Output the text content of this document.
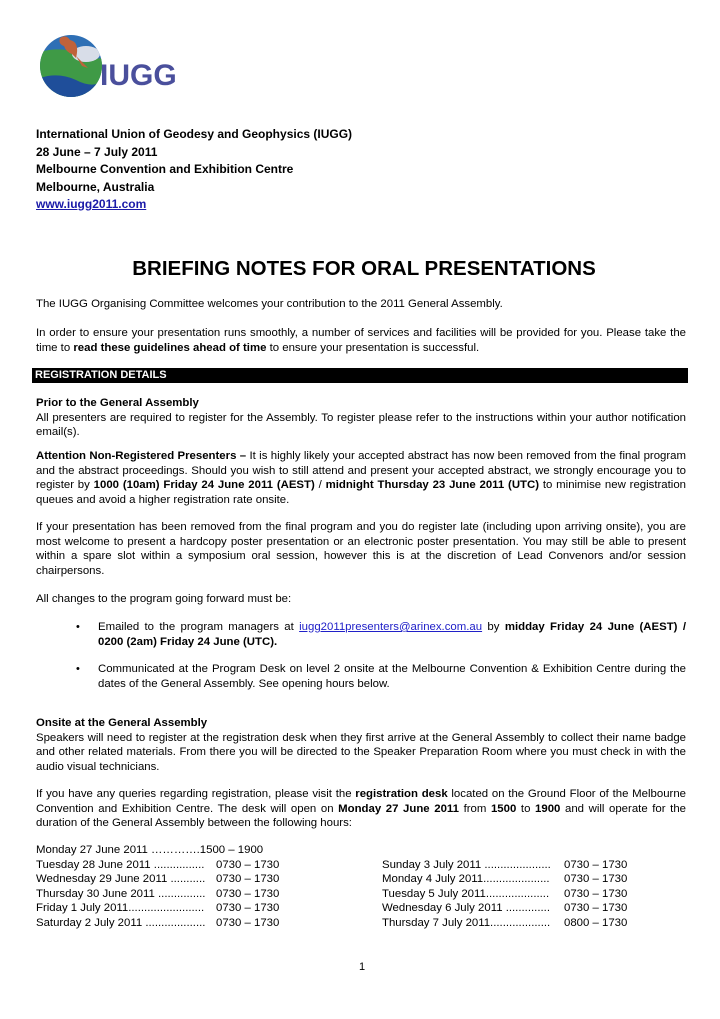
IUGG
International Union of Geodesy and Geophysics (IUGG)
28 June – 7 July 2011
Melbourne Convention and Exhibition Centre
Melbourne, Australia
www.iugg2011.com
BRIEFING NOTES FOR ORAL PRESENTATIONS
The IUGG Organising Committee welcomes your contribution to the 2011 General Assembly.
In order to ensure your presentation runs smoothly, a number of services and facilities will be provided for you. Please take the time to read these guidelines ahead of time to ensure your presentation is successful.
REGISTRATION DETAILS
Prior to the General Assembly
All presenters are required to register for the Assembly. To register please refer to the instructions within your author notification email(s).
Attention Non-Registered Presenters – It is highly likely your accepted abstract has now been removed from the final program and the abstract proceedings. Should you wish to still attend and present your accepted abstract, we strongly encourage you to register by 1000 (10am) Friday 24 June 2011 (AEST) / midnight Thursday 23 June 2011 (UTC) to minimise new registration queues and avoid a higher registration rate onsite.
If your presentation has been removed from the final program and you do register late (including upon arriving onsite), you are most welcome to present a hardcopy poster presentation or an electronic poster presentation. You may still be able to present within a spare slot within a symposium oral session, however this is at the discretion of Lead Convenors and/or session chairpersons.
All changes to the program going forward must be:
• Emailed to the program managers at iugg2011presenters@arinex.com.au by midday Friday 24 June (AEST) / 0200 (2am) Friday 24 June (UTC).
• Communicated at the Program Desk on level 2 onsite at the Melbourne Convention & Exhibition Centre during the dates of the General Assembly. See opening hours below.
Onsite at the General Assembly
Speakers will need to register at the registration desk when they first arrive at the General Assembly to collect their name badge and other related materials. From there you will be directed to the Speaker Preparation Room where you must check in with the audio visual technicians.
If you have any queries regarding registration, please visit the registration desk located on the Ground Floor of the Melbourne Convention and Exhibition Centre. The desk will open on Monday 27 June 2011 from 1500 to 1900 and will operate for the duration of the General Assembly between the following hours:
Monday 27 June 2011 ………….1500 – 1900
Tuesday 28 June 2011 ................	0730 – 1730	Sunday 3 July 2011 .....................	0730 – 1730
Wednesday 29 June 2011 ........... 0730 – 1730	Monday 4 July 2011.....................	0730 – 1730
Thursday 30 June 2011 ............... 0730 – 1730	Tuesday 5 July 2011....................	0730 – 1730
Friday 1 July 2011........................	0730 – 1730	Wednesday 6 July 2011 ..............	0730 – 1730
Saturday 2 July 2011 ................... 0730 – 1730	Thursday 7 July 2011...................	0800 – 1730
1
